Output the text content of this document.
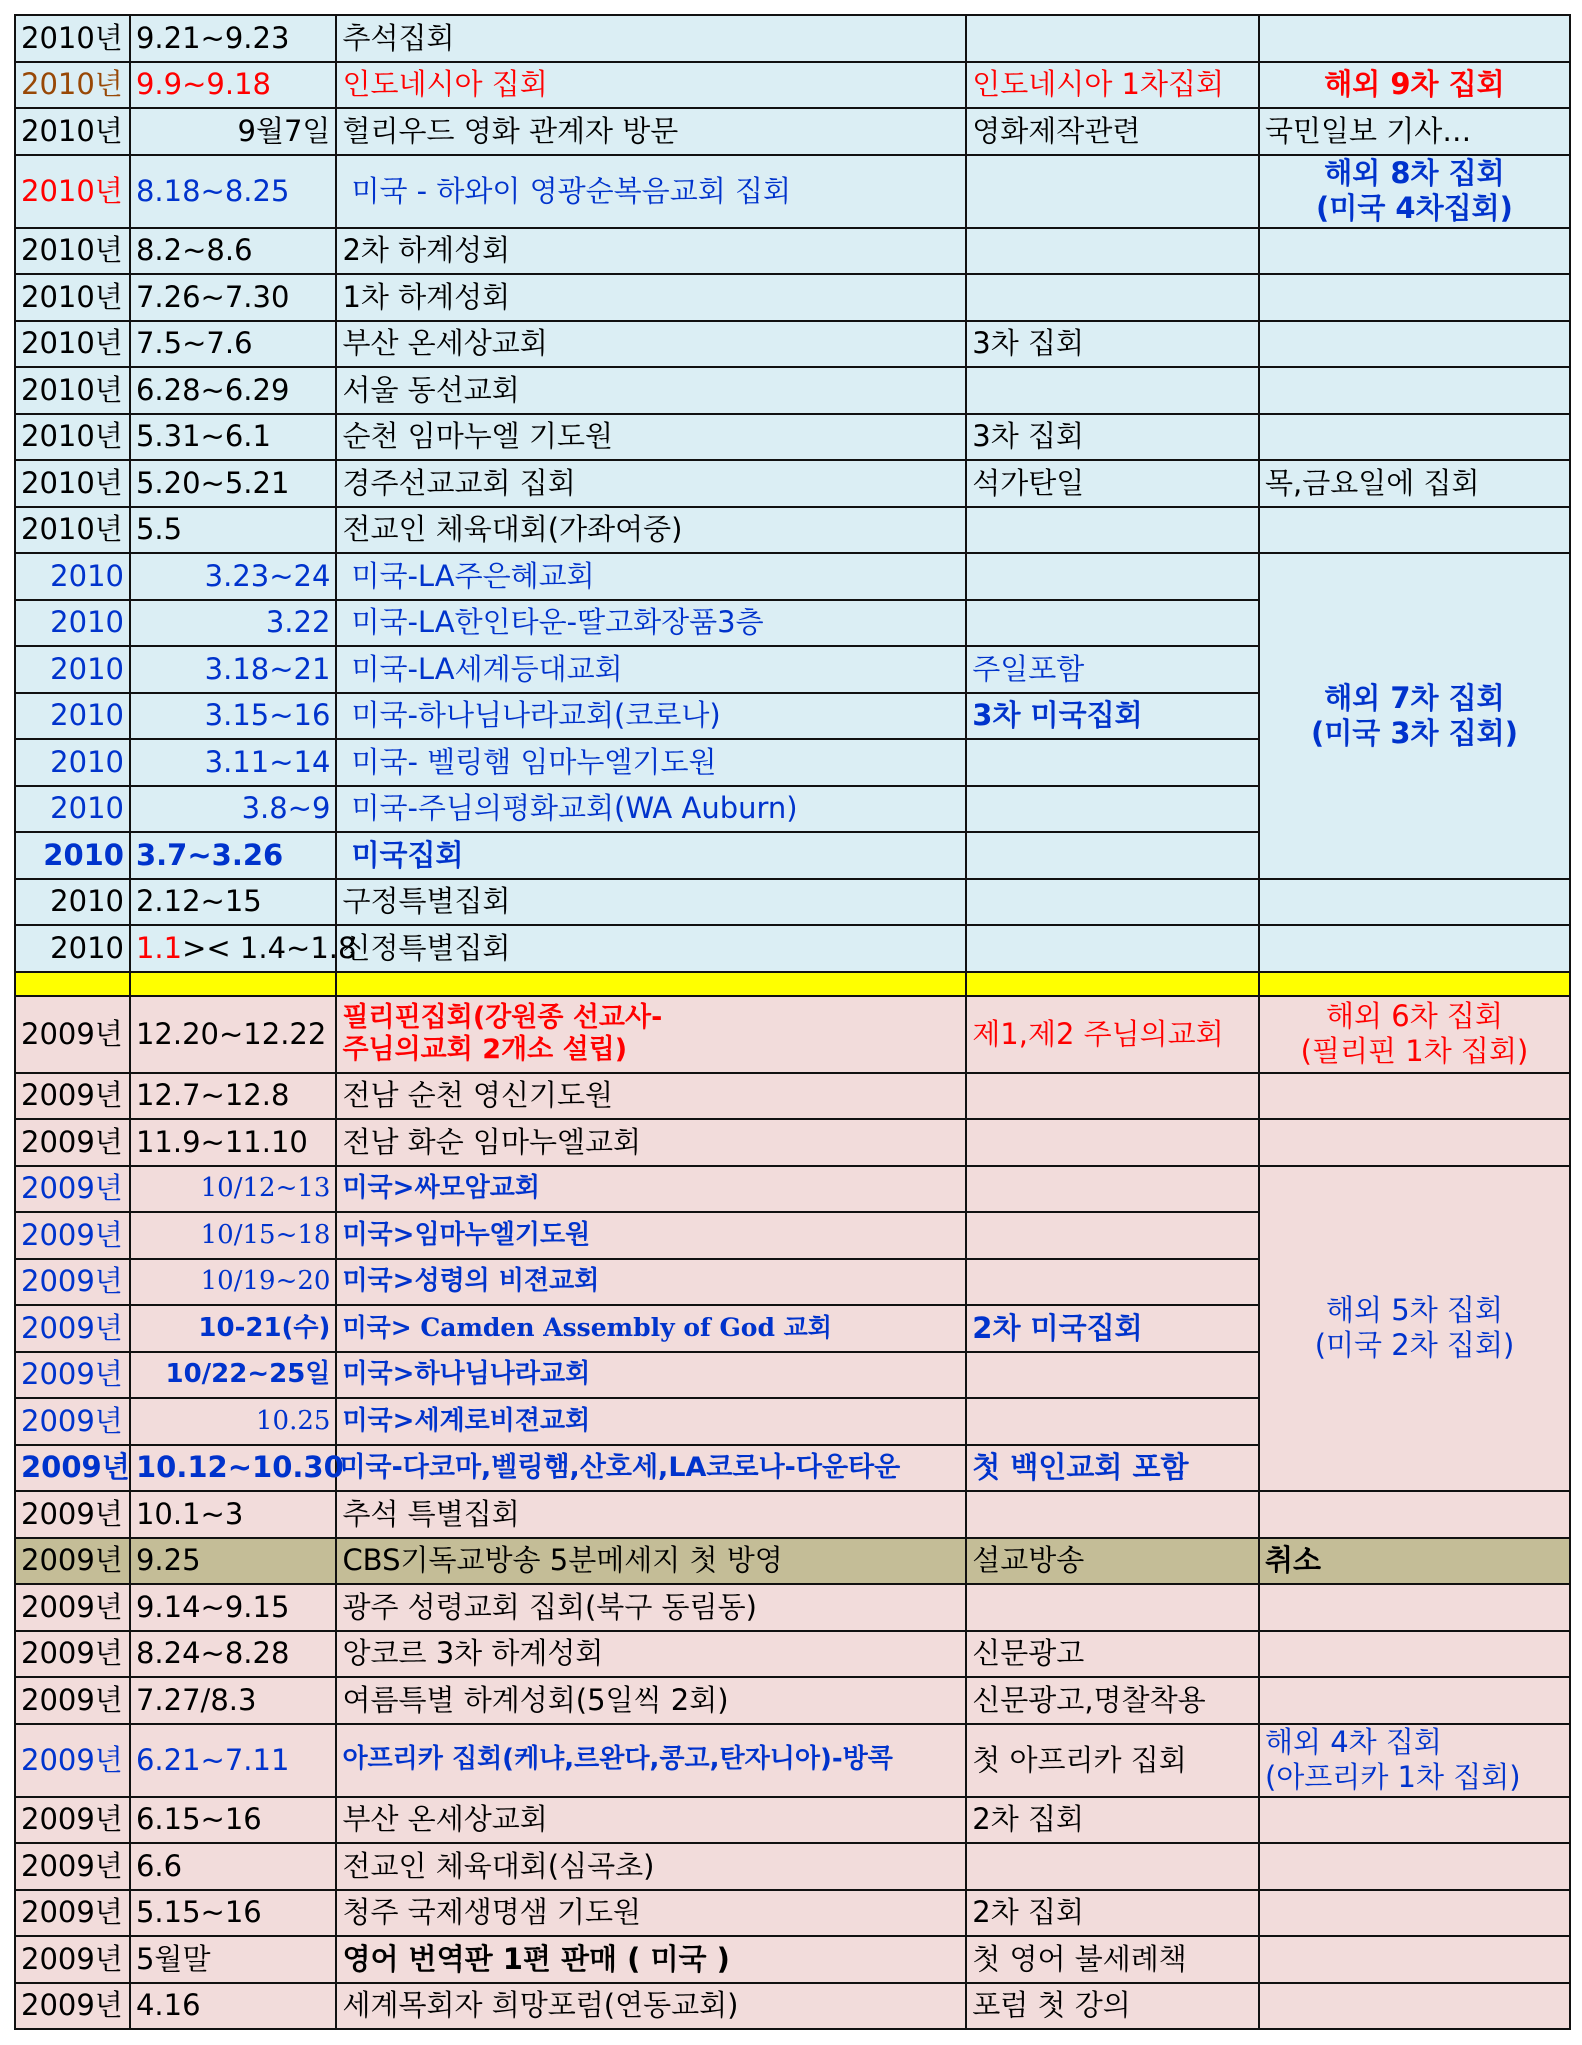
2010년	9.21~9.23	추석집회		
2010년	9.9~9.18	인도네시아 집회	인도네시아 1차집회	해외 9차 집회
2010년	9월7일	헐리우드 영화 관계자 방문	영화제작관련	국민일보 기사…
2010년	8.18~8.25	미국 - 하와이 영광순복음교회 집회		해외 8차 집회
(미국 4차집회)
2010년	8.2~8.6	2차 하계성회		
2010년	7.26~7.30	1차 하계성회		
2010년	7.5~7.6	부산 온세상교회	3차 집회	
2010년	6.28~6.29	서울 동선교회		
2010년	5.31~6.1	순천 임마누엘 기도원	3차 집회	
2010년	5.20~5.21	경주선교교회 집회	석가탄일	목,금요일에 집회
2010년	5.5	전교인 체육대회(가좌여중)		
2010	3.23~24	미국-LA주은혜교회		해외 7차 집회
(미국 3차 집회)
2010	3.22	미국-LA한인타운-딸고화장품3층		
2010	3.18~21	미국-LA세계등대교회	주일포함	
2010	3.15~16	미국-하나님나라교회(코로나)	3차 미국집회	
2010	3.11~14	미국- 벨링햄 임마누엘기도원		
2010	3.8~9	미국-주님의평화교회(WA Auburn)		
2010	3.7~3.26	미국집회		
2010	2.12~15	구정특별집회		
2010	1.1>< 1.4~1.8	신정특별집회		

2009년	12.20~12.22	필리핀집회(강원종 선교사-
주님의교회 2개소 설립)	제1,제2 주님의교회	해외 6차 집회
(필리핀 1차 집회)
2009년	12.7~12.8	전남 순천 영신기도원		
2009년	11.9~11.10	전남 화순 임마누엘교회		
2009년	10/12~13	미국>싸모암교회		해외 5차 집회
(미국 2차 집회)
2009년	10/15~18	미국>임마누엘기도원		
2009년	10/19~20	미국>성령의 비젼교회		
2009년	10-21(수)	미국> Camden Assembly of God 교회	2차 미국집회	
2009년	10/22~25일	미국>하나님나라교회		
2009년	10.25	미국>세계로비젼교회		
2009년	10.12~10.30	미국-다코마,벨링햄,산호세,LA코로나-다운타운	첫 백인교회 포함	
2009년	10.1~3	추석 특별집회		
2009년	9.25	CBS기독교방송 5분메세지 첫 방영	설교방송	취소
2009년	9.14~9.15	광주 성령교회 집회(북구 동림동)		
2009년	8.24~8.28	앙코르 3차 하계성회	신문광고	
2009년	7.27/8.3	여름특별 하계성회(5일씩 2회)	신문광고,명찰착용	
2009년	6.21~7.11	아프리카 집회(케냐,르완다,콩고,탄자니아)-방콕	첫 아프리카 집회	해외 4차 집회
(아프리카 1차 집회)
2009년	6.15~16	부산 온세상교회	2차 집회	
2009년	6.6	전교인 체육대회(심곡초)		
2009년	5.15~16	청주 국제생명샘 기도원	2차 집회	
2009년	5월말	영어 번역판 1편 판매 ( 미국 )	첫 영어 불세례책	
2009년	4.16	세계목회자 희망포럼(연동교회)	포럼 첫 강의	
